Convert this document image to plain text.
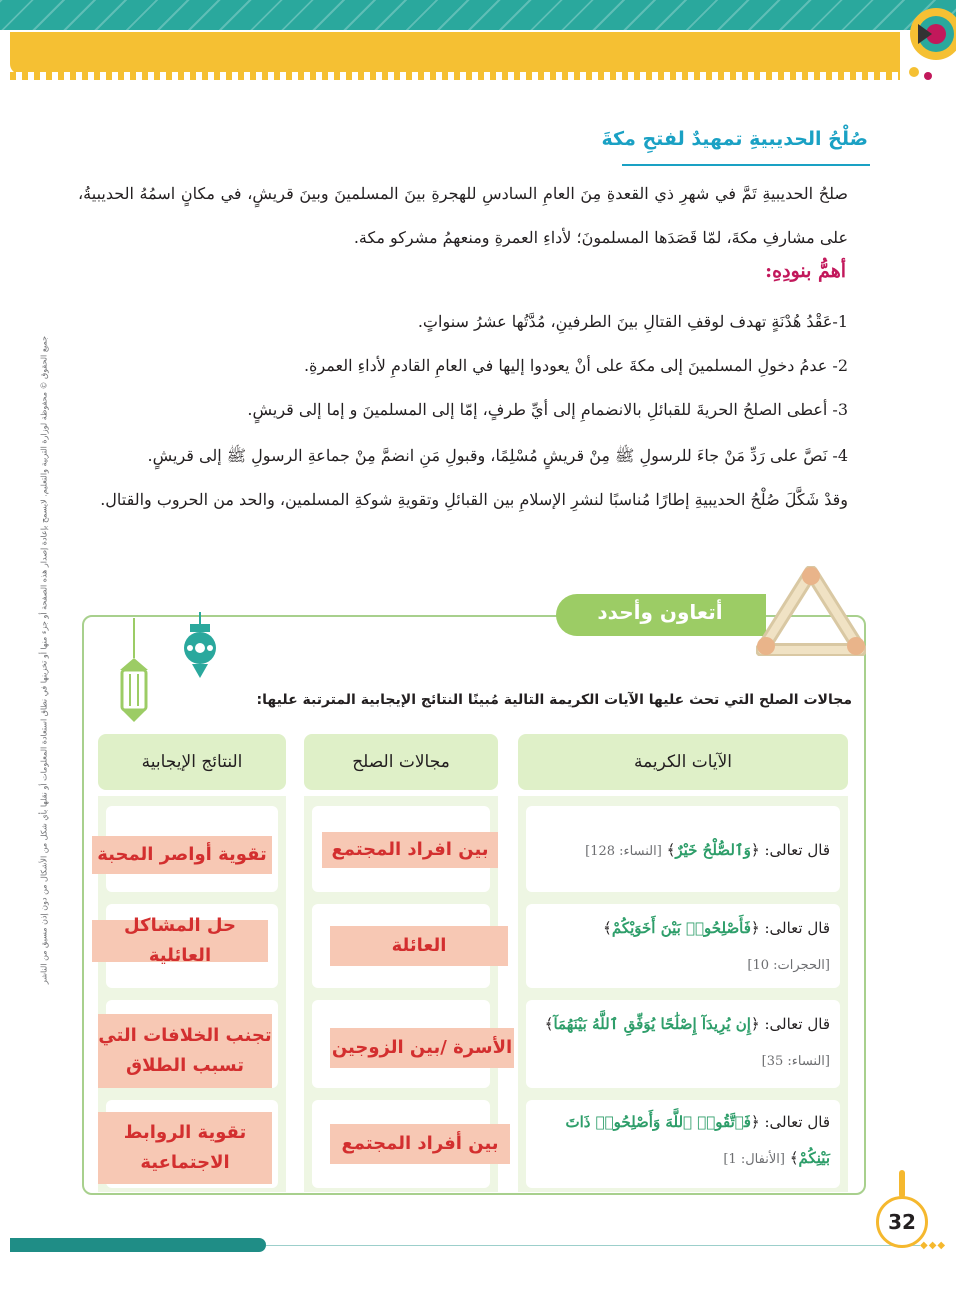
جميع الحقوق © محفوظة لوزارة التربية والتعليم. لايسمح بإعادة إصدار هذه الصفحة أو جزء منها أو تخزينها في نطاق استعادة المعلومات أو نقلها بأي شكل من الأشكال من دون إذن مسبق من الناشر
صُلْحُ الحديبيةِ تمهيدٌ لفتحِ مكةَ
صلحُ الحديبيةِ تَمَّ في شهرِ ذي القعدةِ مِنَ العامِ السادسِ للهجرةِ بينَ المسلمينَ وبينَ قريشٍ، في مكانٍ اسمُهُ الحديبيةُ، على مشارفِ مكةَ، لمّا قَصَدَها المسلمونَ؛ لأداءِ العمرةِ ومنعهمُ مشركو مكة.
أهمُّ بنودِهِ:
1-عَقْدُ هُدْنَةٍ تهدف لوقفِ القتالِ بينَ الطرفينِ، مُدَّتُها عشرُ سنواتٍ.
2- عدمُ دخولِ المسلمينَ إلى مكةَ على أنْ يعودوا إليها في العامِ القادمِ لأداءِ العمرةِ.
3- أعطى الصلحُ الحريةَ للقبائلِ بالانضمامِ إلى أيِّ طرفٍ، إمّا إلى المسلمينَ و إما إلى قريشٍ.
4- نَصَّ على رَدِّ مَنْ جاءَ للرسولِ ﷺ مِنْ قريشٍ مُسْلِمًا، وقبولِ مَنِ انضمَّ مِنْ جماعةِ الرسولِ ﷺ إلى قريشٍ.
وقدْ شَكَّلَ صُلْحُ الحديبيةِ إطارًا مُناسبًا لنشرِ الإسلامِ بين القبائلِ وتقويةِ شوكةِ المسلمين، والحد من الحروب والقتال.
أتعاون وأحدد
مجالات الصلح التي تحث عليها الآيات الكريمة التالية مُبينًا النتائج الإيجابية المترتبة عليها:
الآيات الكريمة
مجالات الصلح
النتائج الإيجابية
قال تعالى: ﴿وَٱلصُّلْحُ خَيْرٌ﴾ [النساء: 128]
بين افراد المجتمع
تقوية أواصر المحبة
قال تعالى: ﴿فَأَصْلِحُوا۟ بَيْنَ أَخَوَيْكُمْ﴾
[الحجرات: 10]
العائلة
حل المشاكل العائلية
قال تعالى: ﴿إِن يُرِيدَآ إِصْلَٰحًا يُوَفِّقِ ٱللَّهُ بَيْنَهُمَآ﴾ [النساء: 35]
الأسرة /بين الزوجين
تجنب الخلافات التي تسبب الطلاق
قال تعالى: ﴿فَٱتَّقُوا۟ ٱللَّهَ وَأَصْلِحُوا۟ ذَاتَ بَيْنِكُمْ﴾ [الأنفال: 1]
بين أفراد المجتمع
تقوية الروابط الاجتماعية
32
◆◆◆
